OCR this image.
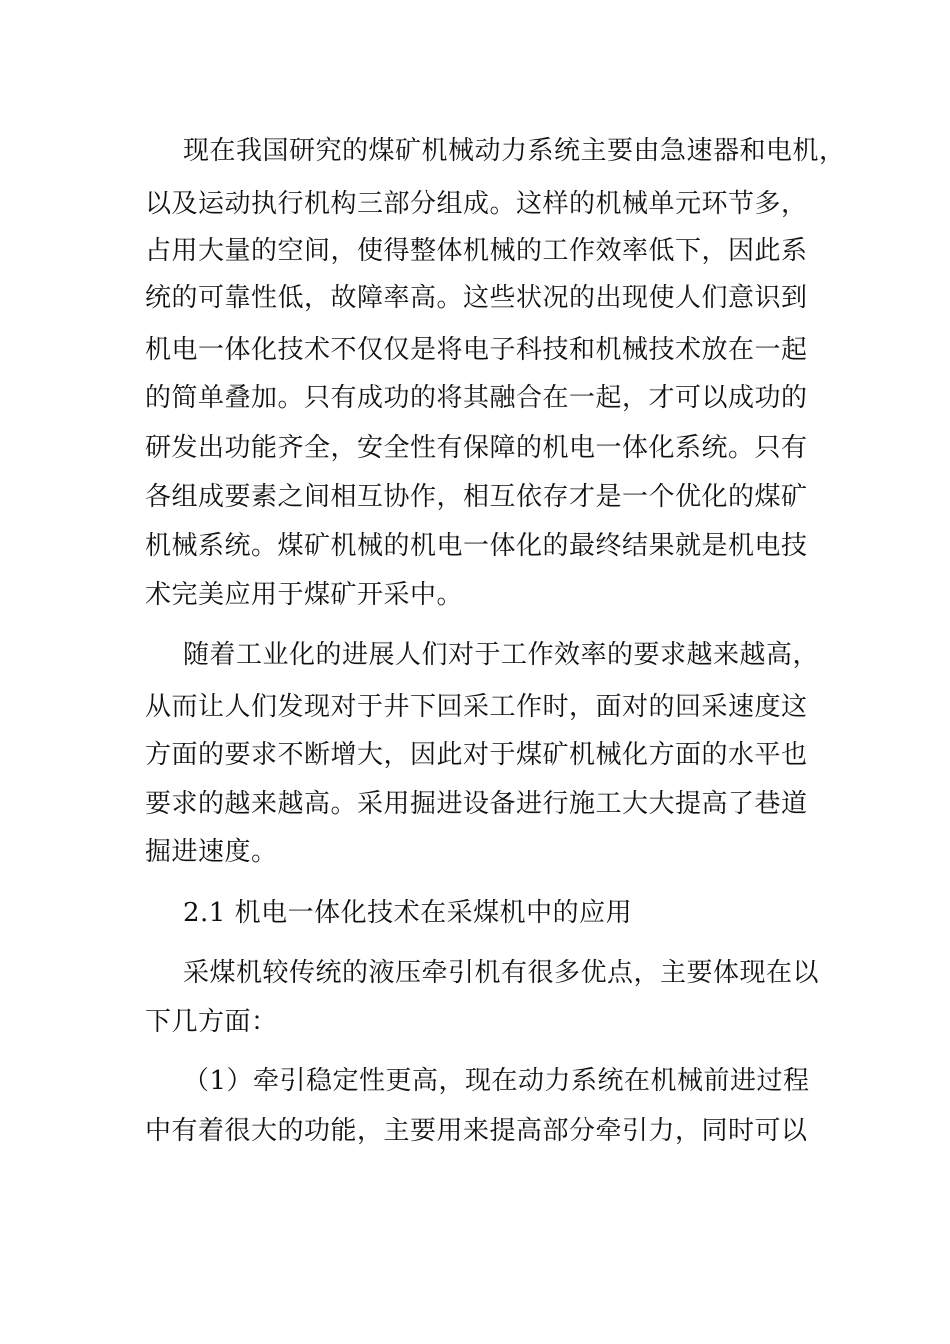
现在我国研究的煤矿机械动力系统主要由急速器和电机，
以及运动执行机构三部分组成。这样的机械单元环节多，
占用大量的空间，使得整体机械的工作效率低下，因此系
统的可靠性低，故障率高。这些状况的出现使人们意识到
机电一体化技术不仅仅是将电子科技和机械技术放在一起
的简单叠加。只有成功的将其融合在一起，才可以成功的
研发出功能齐全，安全性有保障的机电一体化系统。只有
各组成要素之间相互协作，相互依存才是一个优化的煤矿
机械系统。煤矿机械的机电一体化的最终结果就是机电技
术完美应用于煤矿开采中。
随着工业化的进展人们对于工作效率的要求越来越高，
从而让人们发现对于井下回采工作时，面对的回采速度这
方面的要求不断增大，因此对于煤矿机械化方面的水平也
要求的越来越高。采用掘进设备进行施工大大提高了巷道
掘进速度。
2.1 机电一体化技术在采煤机中的应用
采煤机较传统的液压牵引机有很多优点，主要体现在以
下几方面：
（1）牵引稳定性更高，现在动力系统在机械前进过程
中有着很大的功能，主要用来提高部分牵引力，同时可以
